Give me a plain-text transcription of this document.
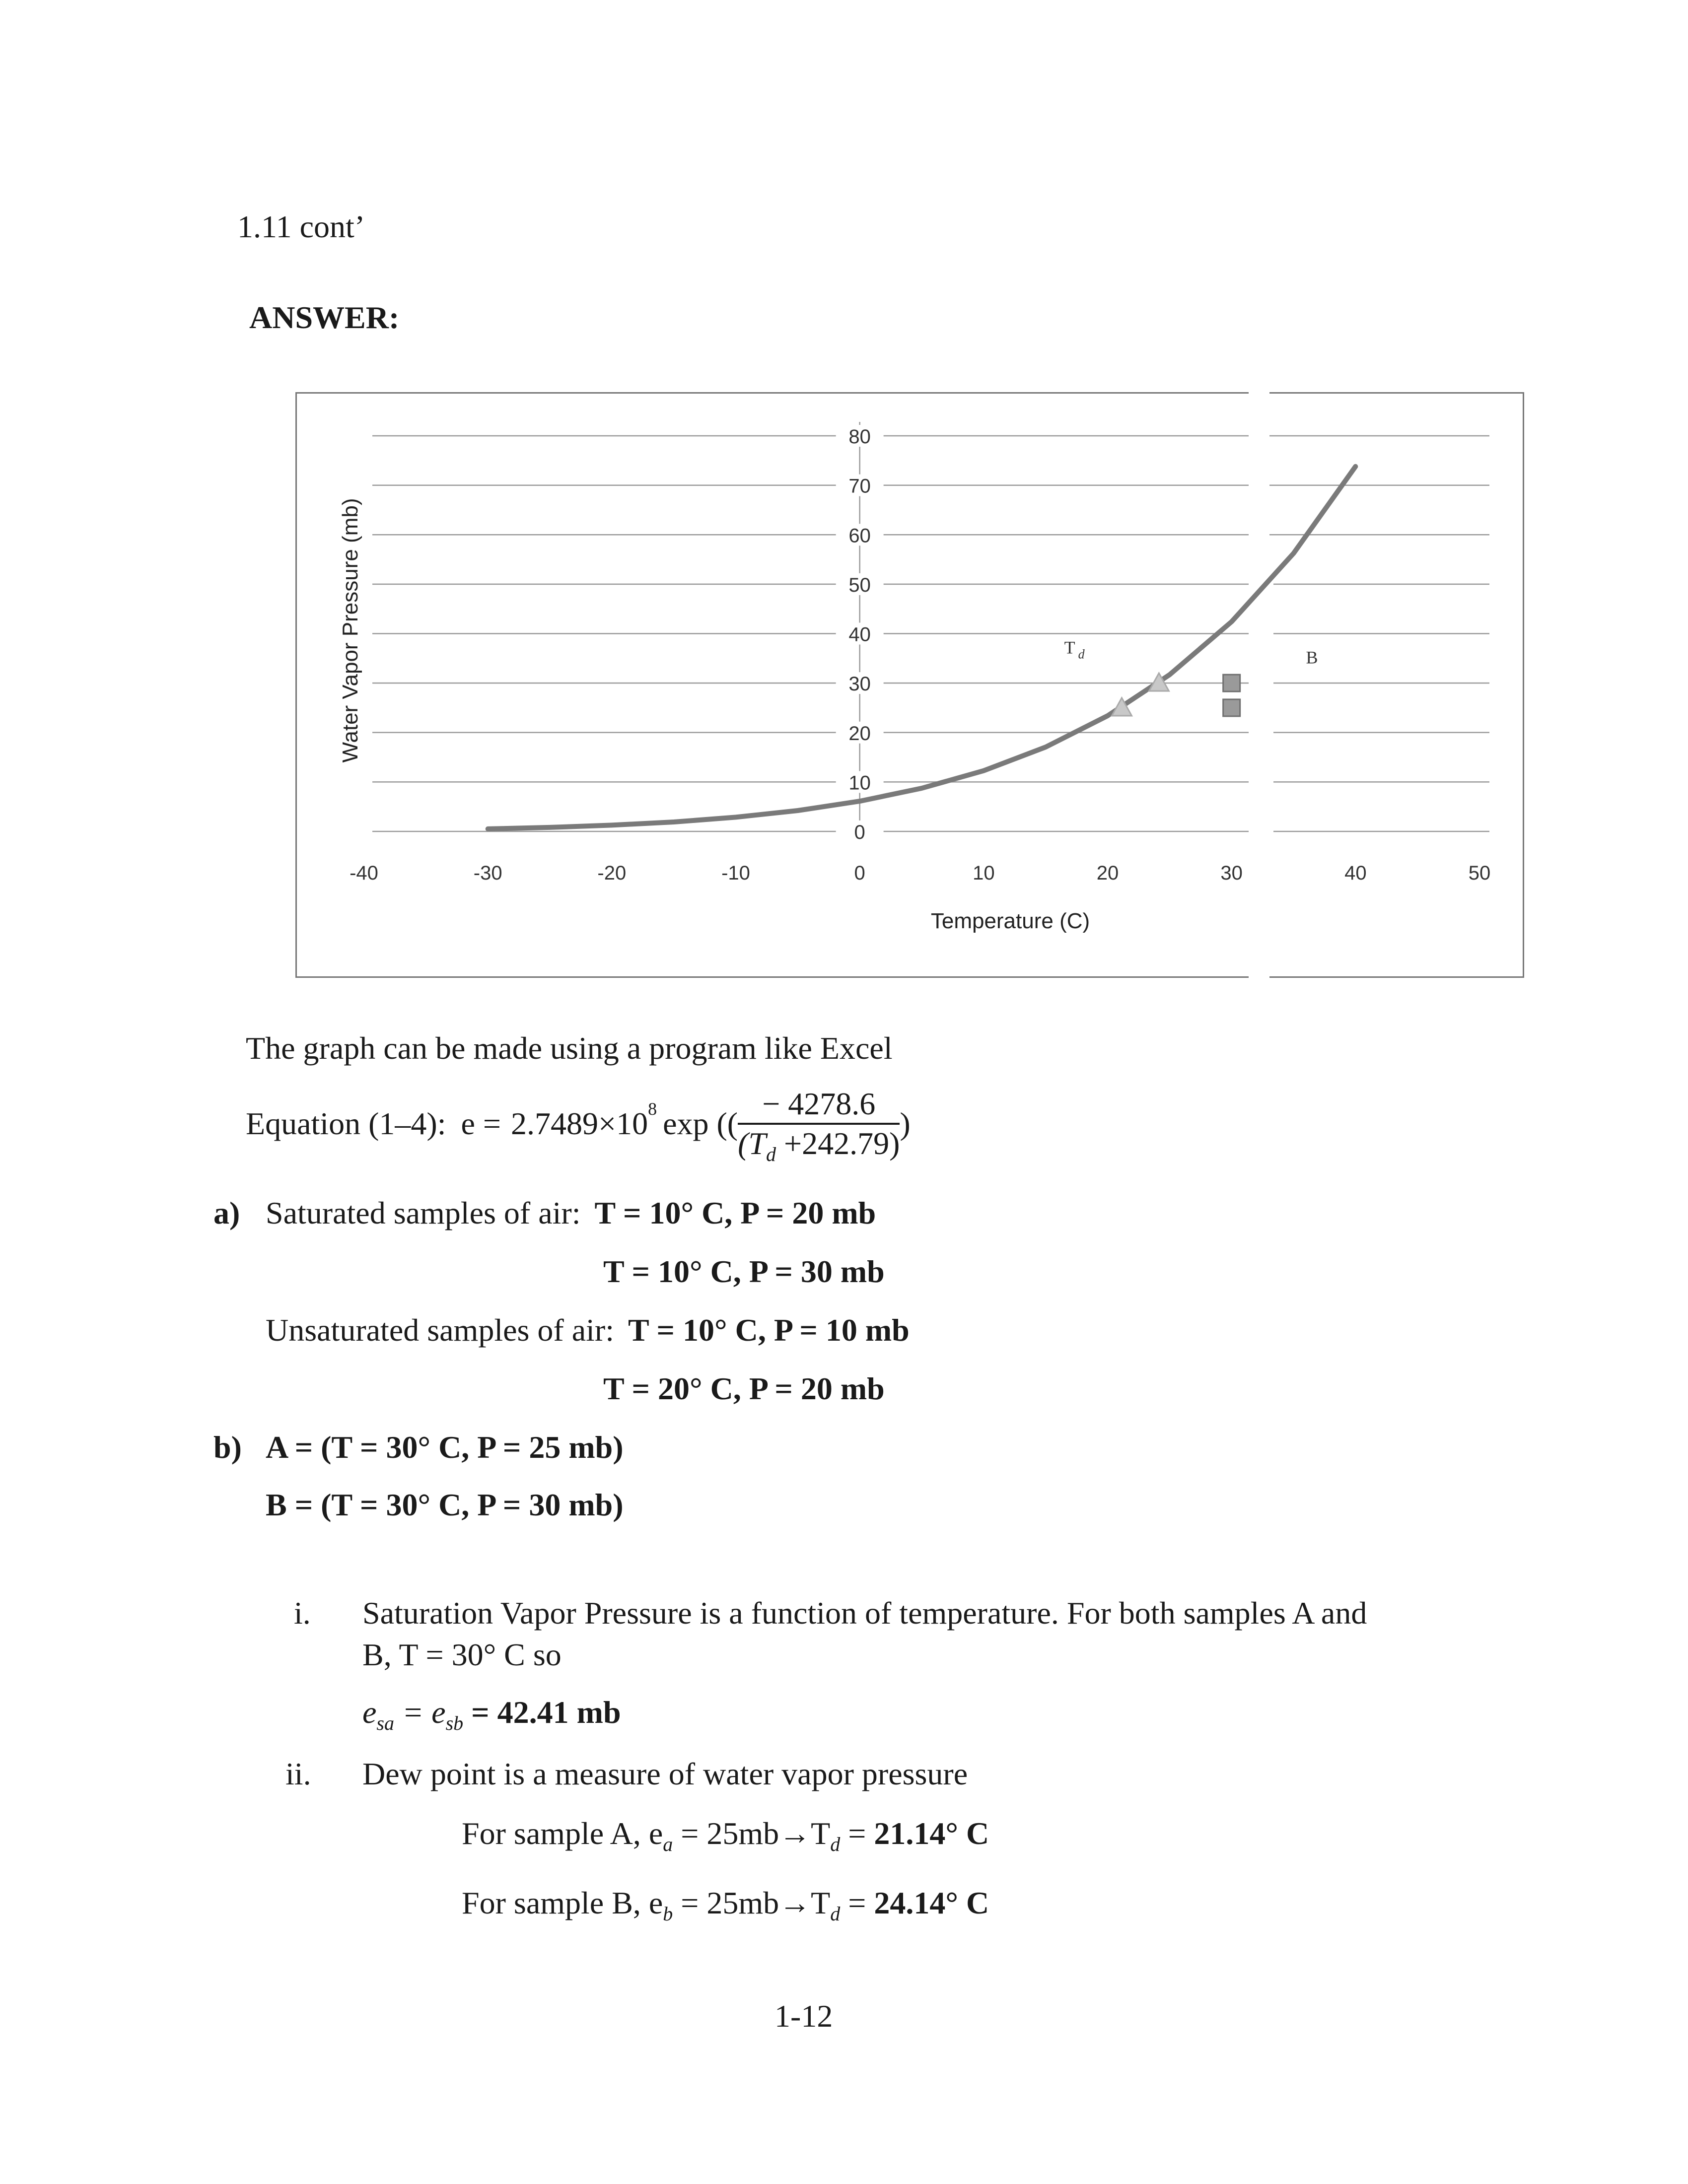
1.11 cont’
ANSWER:
0
10
20
30
40
50
60
70
80
-40	-30	-20	-10	0	10	20	30	40	50
T $_d$	B
Temperature (C)
Water Vapor Pressure (mb)
The graph can be made using a program like Excel
Equation (1–4): e = 2.7489×10 8 exp (( $\frac{- 4278.6}{(T_d +242.79)}$ )
a) Saturated samples of air: T = 10° C, P = 20 mb
T = 10° C, P = 30 mb
Unsaturated samples of air: T = 10° C, P = 10 mb
T = 20° C, P = 20 mb
b) A = (T = 30° C, P = 25 mb)
B = (T = 30° C, P = 30 mb)
i. Saturation Vapor Pressure is a function of temperature. For both samples A and
B, T = 30° C so
$e_{sa} = e_{sb} = 42.41$ mb
ii. Dew point is a measure of water vapor pressure
For sample A, $e_a = 25mb\to T_d = 21.14^\circ$ C
For sample B, $e_b = 25mb\to T_d = 24.14^\circ$ C
1-12
